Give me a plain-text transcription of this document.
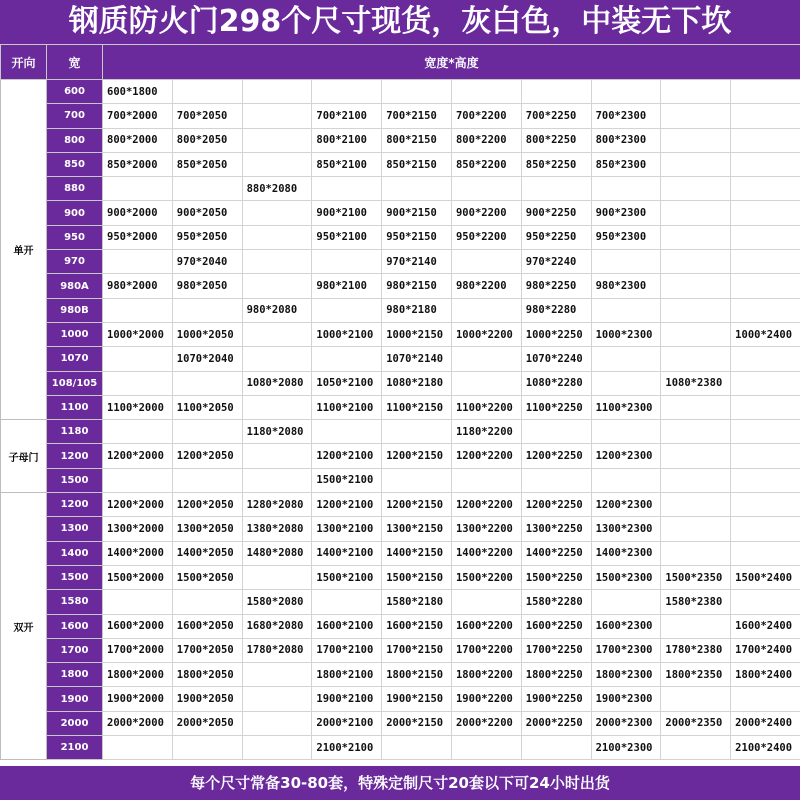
钢质防火门298个尺寸现货，灰白色，中装无下坎
开向	宽	宽度*高度									
单开	600	600*1800									
	700	700*2000	700*2050		700*2100	700*2150	700*2200	700*2250	700*2300		
	800	800*2000	800*2050		800*2100	800*2150	800*2200	800*2250	800*2300		
	850	850*2000	850*2050		850*2100	850*2150	850*2200	850*2250	850*2300		
	880			880*2080							
	900	900*2000	900*2050		900*2100	900*2150	900*2200	900*2250	900*2300		
	950	950*2000	950*2050		950*2100	950*2150	950*2200	950*2250	950*2300		
	970		970*2040			970*2140		970*2240			
	980A	980*2000	980*2050		980*2100	980*2150	980*2200	980*2250	980*2300		
	980B			980*2080		980*2180		980*2280			
	1000	1000*2000	1000*2050		1000*2100	1000*2150	1000*2200	1000*2250	1000*2300		1000*2400
	1070		1070*2040			1070*2140		1070*2240			
	108/105			1080*2080	1050*2100	1080*2180		1080*2280		1080*2380	
	1100	1100*2000	1100*2050		1100*2100	1100*2150	1100*2200	1100*2250	1100*2300		
子母门	1180			1180*2080			1180*2200				
	1200	1200*2000	1200*2050		1200*2100	1200*2150	1200*2200	1200*2250	1200*2300		
	1500				1500*2100						
双开	1200	1200*2000	1200*2050	1280*2080	1200*2100	1200*2150	1200*2200	1200*2250	1200*2300		
	1300	1300*2000	1300*2050	1380*2080	1300*2100	1300*2150	1300*2200	1300*2250	1300*2300		
	1400	1400*2000	1400*2050	1480*2080	1400*2100	1400*2150	1400*2200	1400*2250	1400*2300		
	1500	1500*2000	1500*2050		1500*2100	1500*2150	1500*2200	1500*2250	1500*2300	1500*2350	1500*2400
	1580			1580*2080		1580*2180		1580*2280		1580*2380	
	1600	1600*2000	1600*2050	1680*2080	1600*2100	1600*2150	1600*2200	1600*2250	1600*2300		1600*2400
	1700	1700*2000	1700*2050	1780*2080	1700*2100	1700*2150	1700*2200	1700*2250	1700*2300	1780*2380	1700*2400
	1800	1800*2000	1800*2050		1800*2100	1800*2150	1800*2200	1800*2250	1800*2300	1800*2350	1800*2400
	1900	1900*2000	1900*2050		1900*2100	1900*2150	1900*2200	1900*2250	1900*2300		
	2000	2000*2000	2000*2050		2000*2100	2000*2150	2000*2200	2000*2250	2000*2300	2000*2350	2000*2400
	2100				2100*2100				2100*2300		2100*2400
每个尺寸常备30-80套，特殊定制尺寸20套以下可24小时出货
